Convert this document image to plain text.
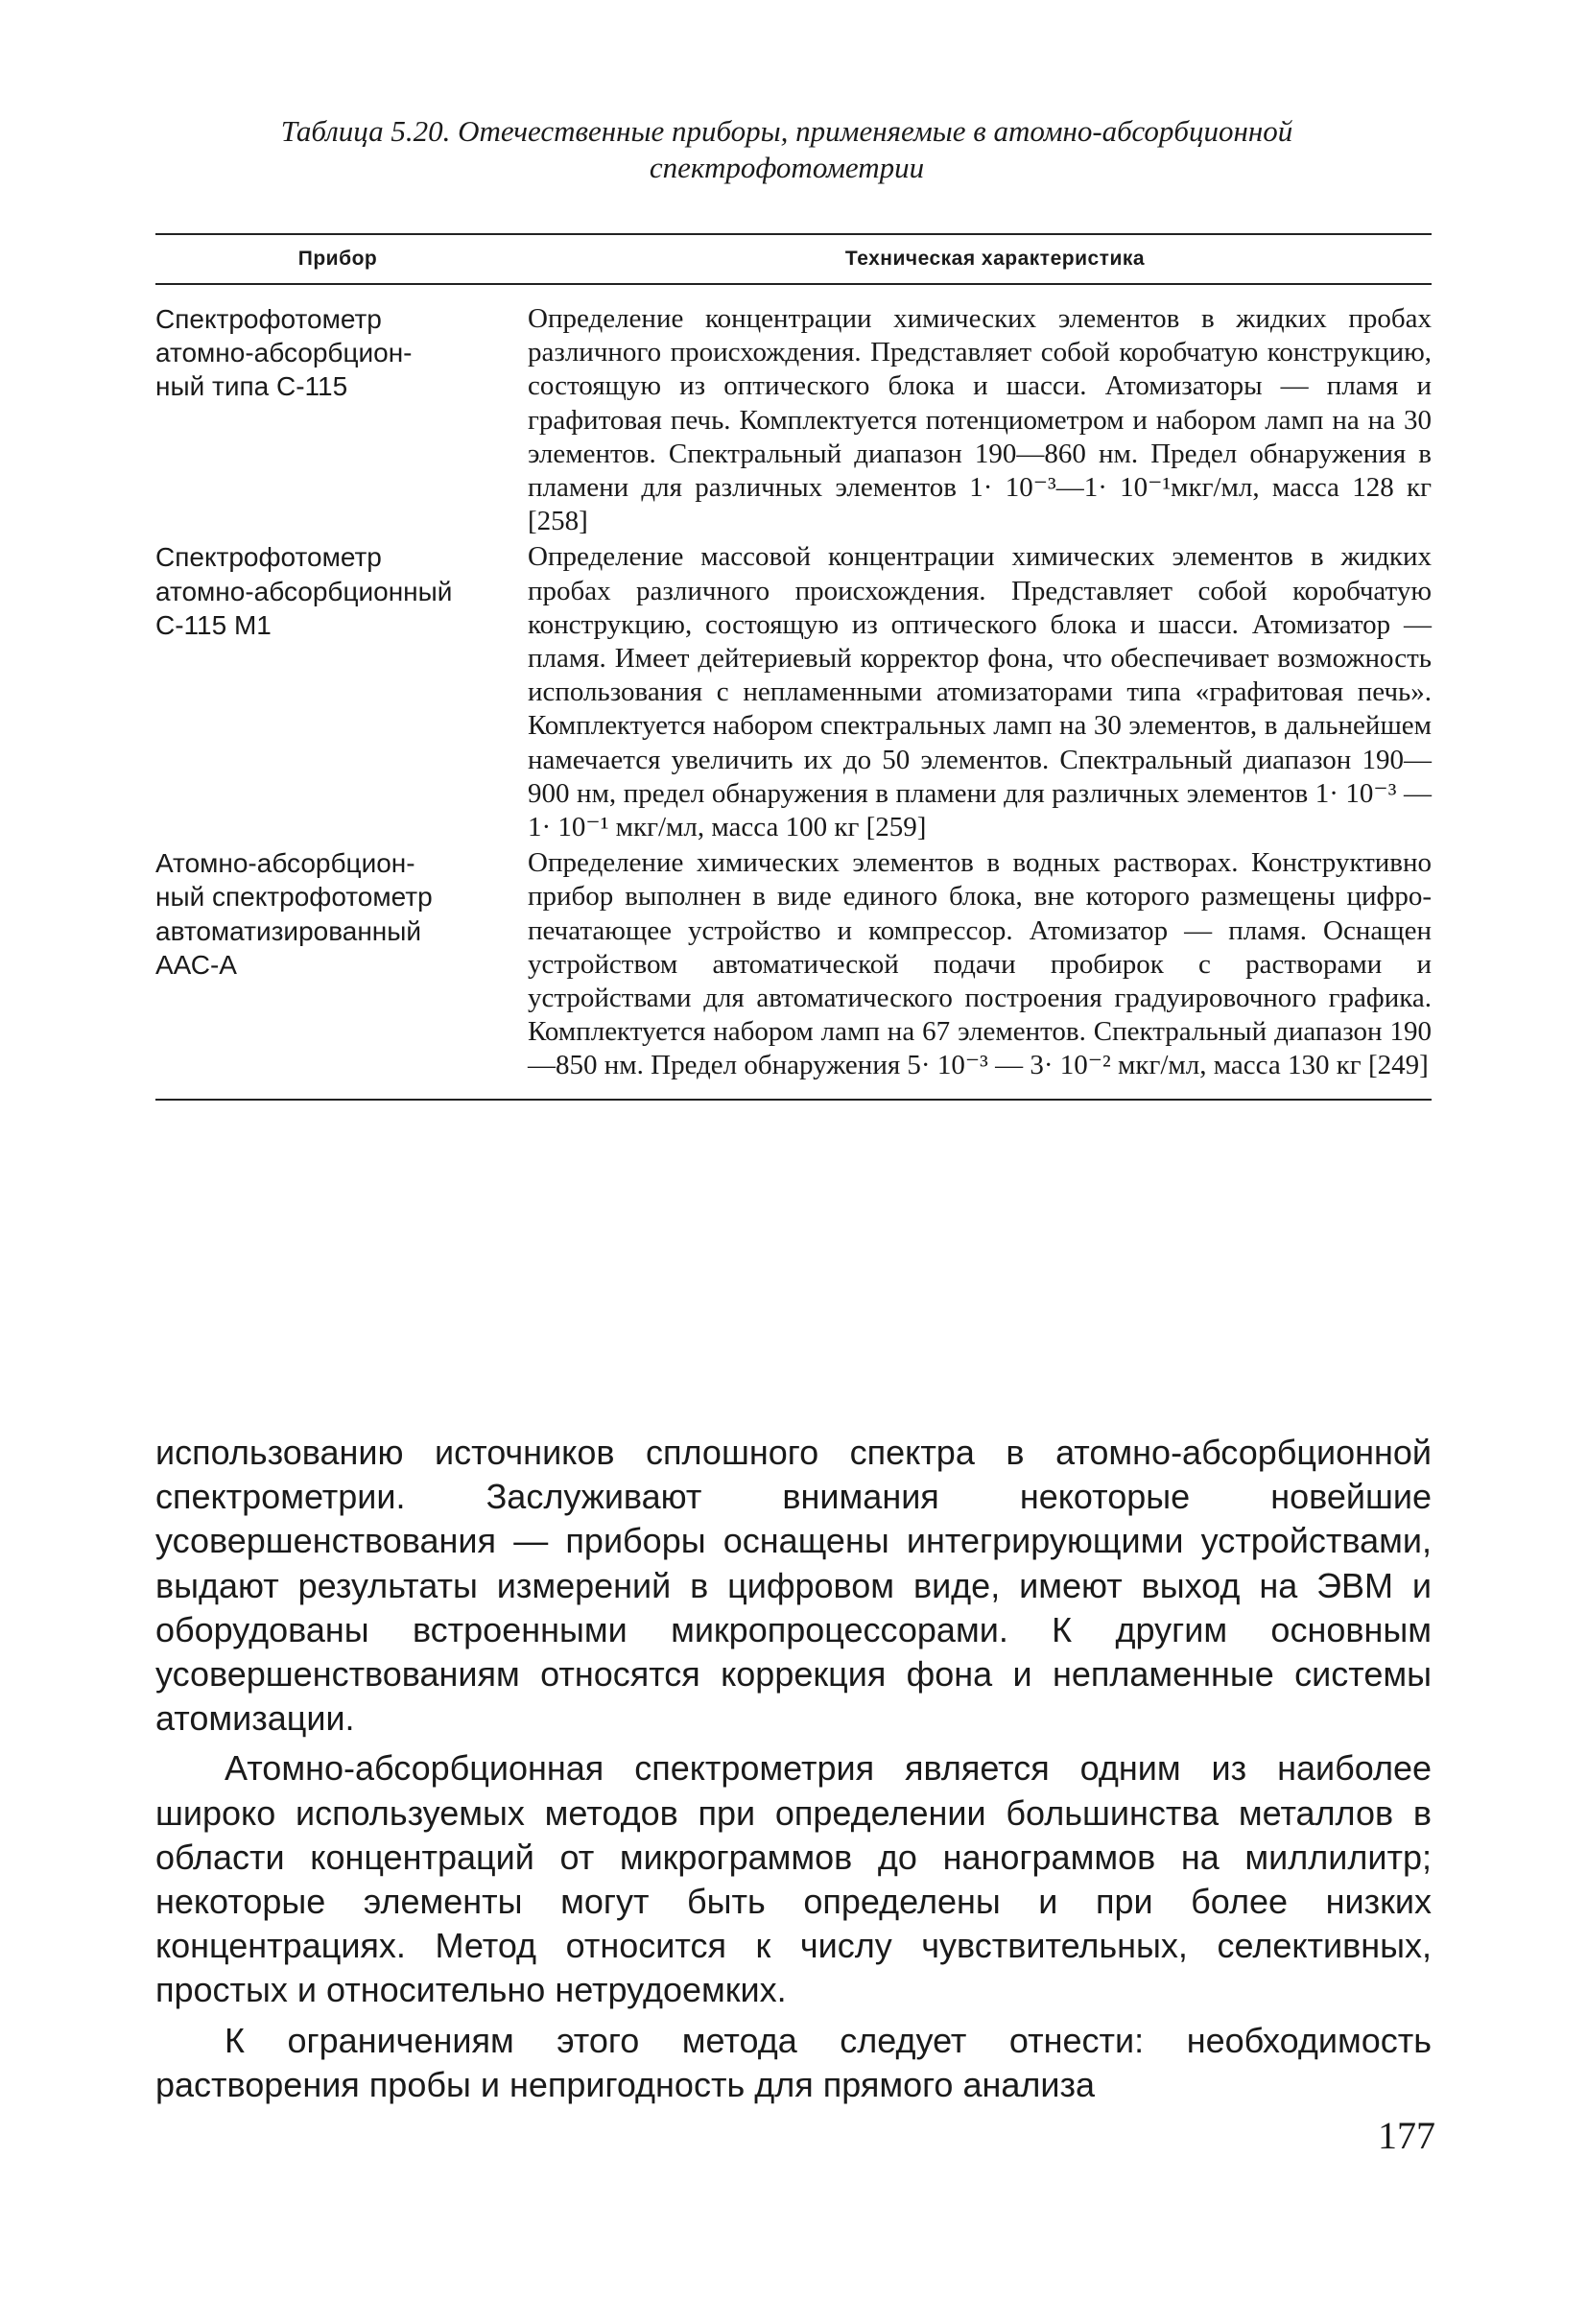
Таблица 5.20. Отечественные приборы, применяемые в атомно-абсорбционной
спектрофотометрии
Прибор	Техническая характеристика
Спектрофотометр
атомно-абсорбцион-
ный типа С-115
Определение концентрации химических элементов в жидких пробах различного происхождения. Представляет собой коробчатую конструкцию, состоящую из оптического блока и шасси. Атомизаторы — пламя и графитовая печь. Комплектуется потенциометром и набором ламп на на 30 элементов. Спектральный диапазон 190—860 нм. Предел обнаружения в пламени для различных элементов 1· 10⁻³—1· 10⁻¹мкг/мл, масса 128 кг [258]
Спектрофотометр
атомно-абсорбционный
С-115 М1
Определение массовой концентрации химических элементов в жидких пробах различного происхождения. Представляет собой коробчатую конструкцию, состоящую из оптического блока и шасси. Атомизатор — пламя. Имеет дейтериевый корректор фона, что обеспечивает возможность использования с непламенными атомизаторами типа «графитовая печь». Комплектуется набором спектральных ламп на 30 элементов, в дальнейшем намечается увеличить их до 50 элементов. Спектральный диапазон 190—900 нм, предел обнаружения в пламени для различных элементов 1· 10⁻³ — 1· 10⁻¹ мкг/мл, масса 100 кг [259]
Атомно-абсорбцион-
ный спектрофотометр
автоматизированный
ААС-А
Определение химических элементов в водных растворах. Конструктивно прибор выполнен в виде единого блока, вне которого размещены цифро-печатающее устройство и компрессор. Атомизатор — пламя. Оснащен устройством автоматической подачи пробирок с растворами и устройствами для автоматического построения градуировочного графика. Комплектуется набором ламп на 67 элементов. Спектральный диапазон 190—850 нм. Предел обнаружения 5· 10⁻³ — 3· 10⁻² мкг/мл, масса 130 кг [249]

использованию источников сплошного спектра в атомно-абсорбционной спектрометрии. Заслуживают внимания некоторые новейшие усовершенствования — приборы оснащены интегрирующими устройствами, выдают результаты измерений в цифровом виде, имеют выход на ЭВМ и оборудованы встроенными микропроцессорами. К другим основным усовершенствованиям относятся коррекция фона и непламенные системы атомизации.

Атомно-абсорбционная спектрометрия является одним из наиболее широко используемых методов при определении большинства металлов в области концентраций от микрограммов до нанограммов на миллилитр; некоторые элементы могут быть определены и при более низких концентрациях. Метод относится к числу чувствительных, селективных, простых и относительно нетрудоемких.

К ограничениям этого метода следует отнести: необходимость растворения пробы и непригодность для прямого анализа

177
